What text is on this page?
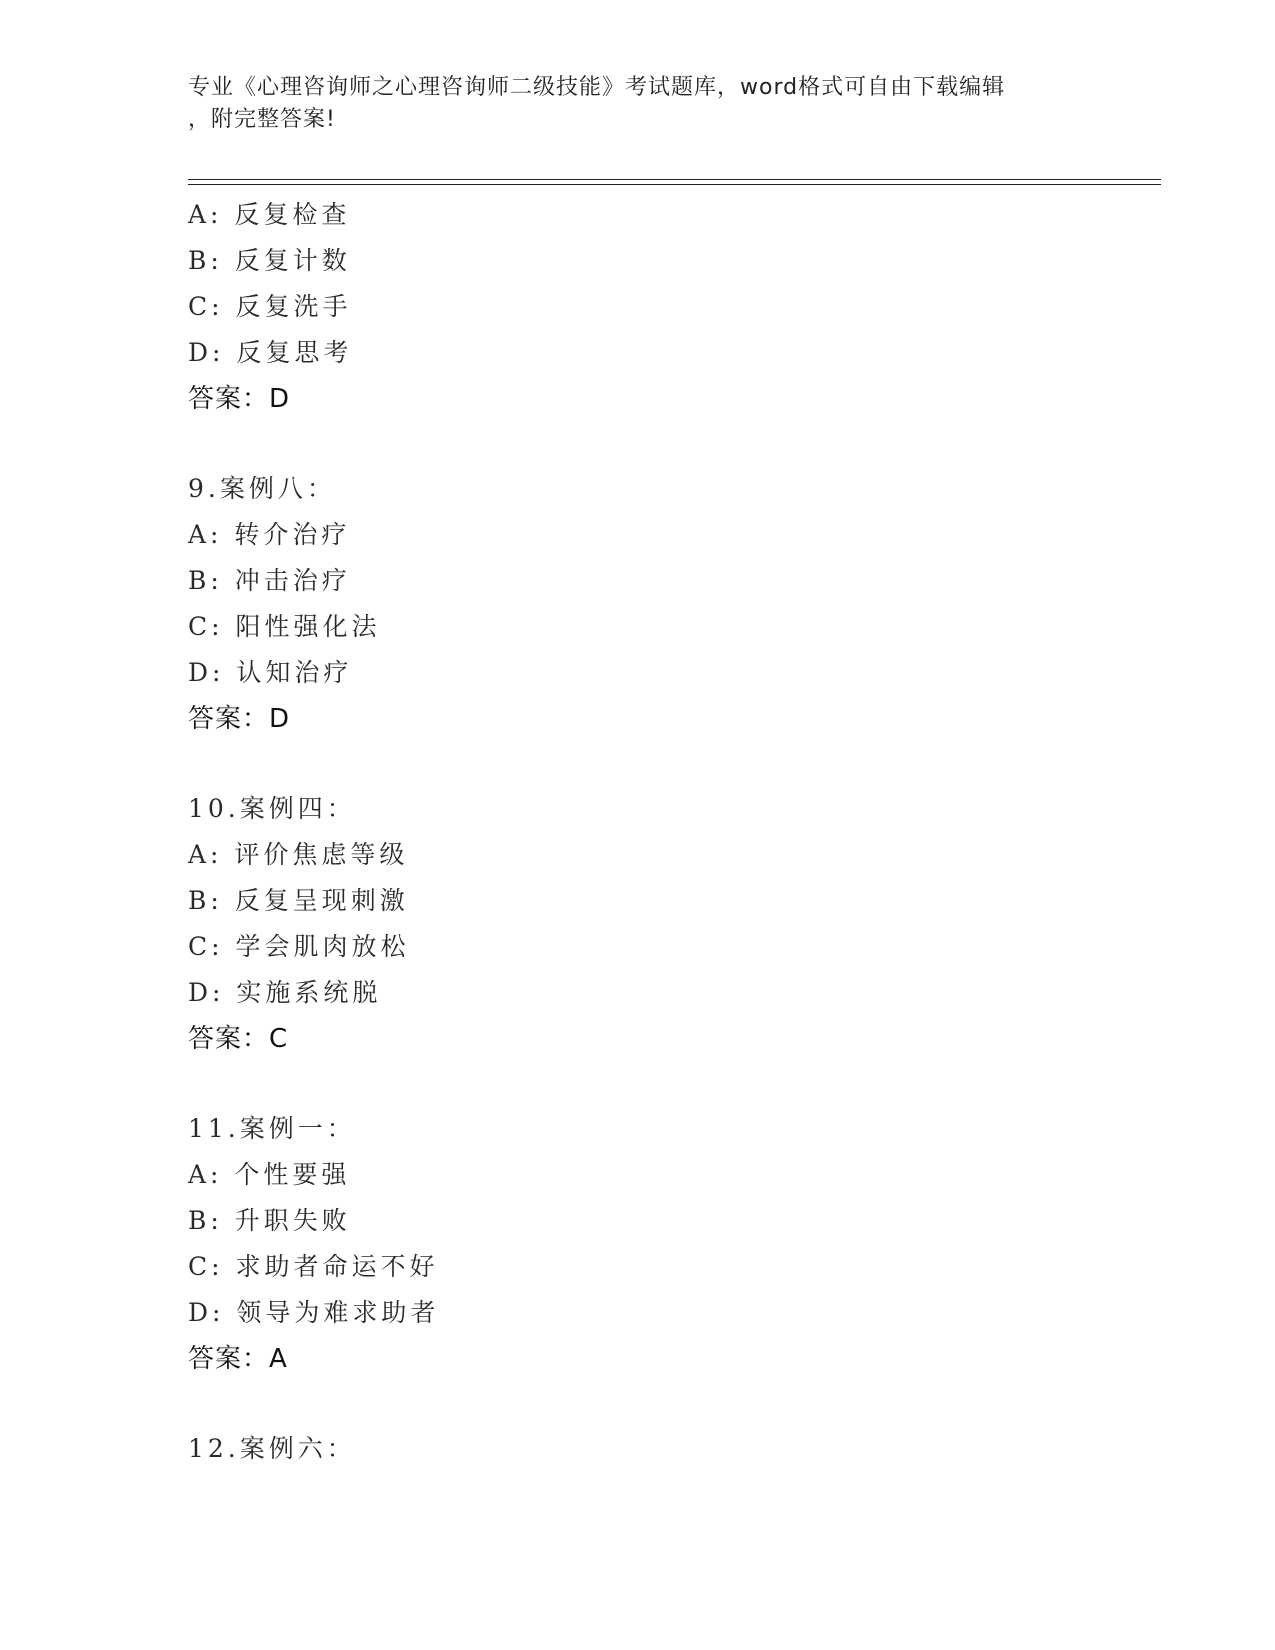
专业《心理咨询师之心理咨询师二级技能》考试题库，word格式可自由下载编辑
，附完整答案!
A: 反复检查
B: 反复计数
C: 反复洗手
D: 反复思考
答案：D
9.案例八：
A: 转介治疗
B: 冲击治疗
C: 阳性强化法
D: 认知治疗
答案：D
10.案例四：
A: 评价焦虑等级
B: 反复呈现刺激
C: 学会肌肉放松
D: 实施系统脱
答案：C
11.案例一：
A: 个性要强
B: 升职失败
C: 求助者命运不好
D: 领导为难求助者
答案：A
12.案例六：
